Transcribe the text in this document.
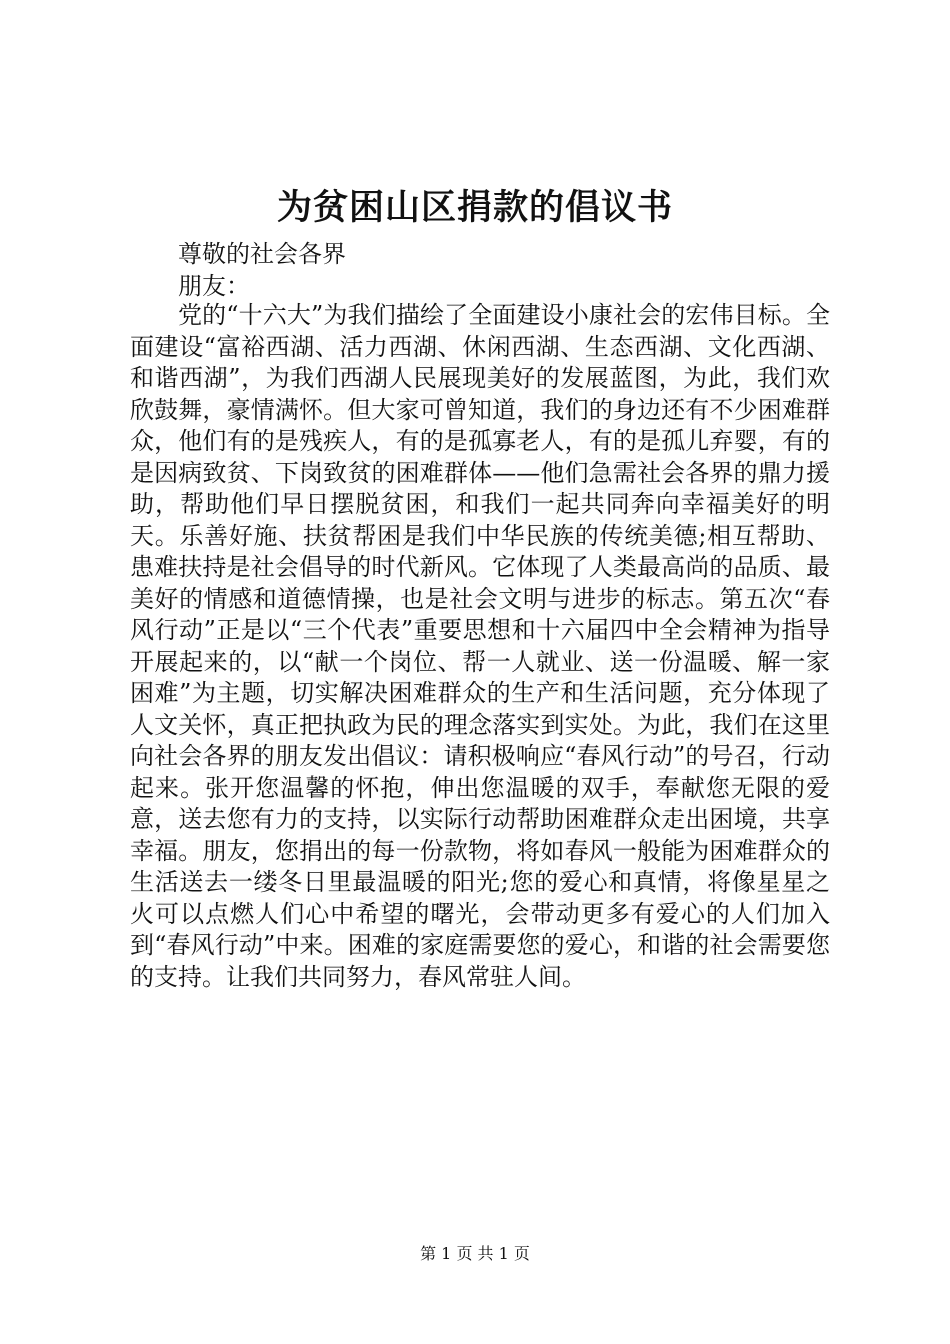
为贫困山区捐款的倡议书

尊敬的社会各界

朋友：

党的“十六大”为我们描绘了全面建设小康社会的宏伟目标。全面建设“富裕西湖、活力西湖、休闲西湖、生态西湖、文化西湖、和谐西湖”，为我们西湖人民展现美好的发展蓝图，为此，我们欢欣鼓舞，豪情满怀。但大家可曾知道，我们的身边还有不少困难群众，他们有的是残疾人，有的是孤寡老人，有的是孤儿弃婴，有的是因病致贫、下岗致贫的困难群体——他们急需社会各界的鼎力援助，帮助他们早日摆脱贫困，和我们一起共同奔向幸福美好的明天。乐善好施、扶贫帮困是我们中华民族的传统美德;相互帮助、患难扶持是社会倡导的时代新风。它体现了人类最高尚的品质、最美好的情感和道德情操，也是社会文明与进步的标志。第五次“春风行动”正是以“三个代表”重要思想和十六届四中全会精神为指导开展起来的，以“献一个岗位、帮一人就业、送一份温暖、解一家困难”为主题，切实解决困难群众的生产和生活问题，充分体现了人文关怀，真正把执政为民的理念落实到实处。为此，我们在这里向社会各界的朋友发出倡议：请积极响应“春风行动”的号召，行动起来。张开您温馨的怀抱，伸出您温暖的双手，奉献您无限的爱意，送去您有力的支持，以实际行动帮助困难群众走出困境，共享幸福。朋友，您捐出的每一份款物，将如春风一般能为困难群众的生活送去一缕冬日里最温暖的阳光;您的爱心和真情，将像星星之火可以点燃人们心中希望的曙光，会带动更多有爱心的人们加入到“春风行动”中来。困难的家庭需要您的爱心，和谐的社会需要您的支持。让我们共同努力，春风常驻人间。

第 1 页 共 1 页
